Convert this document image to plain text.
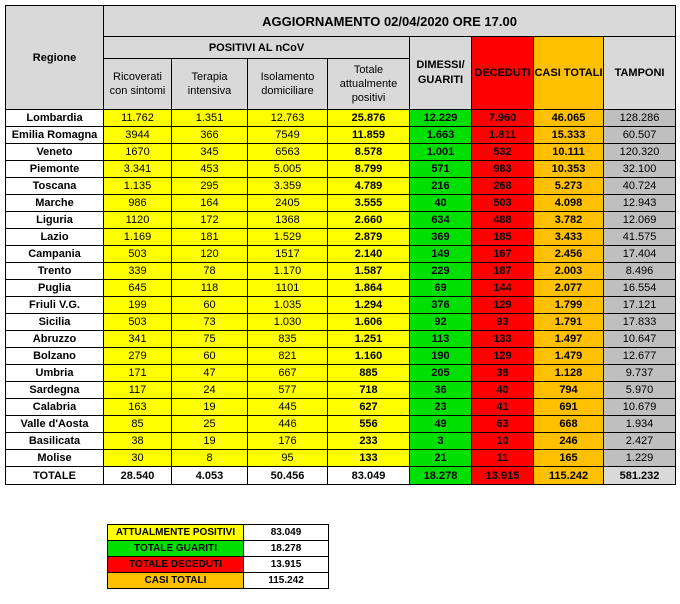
Regione	AGGIORNAMENTO 02/04/2020 ORE 17.00							
	POSITIVI AL nCoV				DIMESSI/ GUARITI	DECEDUTI	CASI TOTALI	TAMPONI
	Ricoverati con sintomi	Terapia intensiva	Isolamento domiciliare	Totale attualmente positivi				
Lombardia	11.762	1.351	12.763	25.876	12.229	7.960	46.065	128.286
Emilia Romagna	3944	366	7549	11.859	1.663	1.811	15.333	60.507
Veneto	1670	345	6563	8.578	1.001	532	10.111	120.320
Piemonte	3.341	453	5.005	8.799	571	983	10.353	32.100
Toscana	1.135	295	3.359	4.789	216	268	5.273	40.724
Marche	986	164	2405	3.555	40	503	4.098	12.943
Liguria	1120	172	1368	2.660	634	488	3.782	12.069
Lazio	1.169	181	1.529	2.879	369	185	3.433	41.575
Campania	503	120	1517	2.140	149	167	2.456	17.404
Trento	339	78	1.170	1.587	229	187	2.003	8.496
Puglia	645	118	1101	1.864	69	144	2.077	16.554
Friuli V.G.	199	60	1.035	1.294	376	129	1.799	17.121
Sicilia	503	73	1.030	1.606	92	93	1.791	17.833
Abruzzo	341	75	835	1.251	113	133	1.497	10.647
Bolzano	279	60	821	1.160	190	129	1.479	12.677
Umbria	171	47	667	885	205	38	1.128	9.737
Sardegna	117	24	577	718	36	40	794	5.970
Calabria	163	19	445	627	23	41	691	10.679
Valle d'Aosta	85	25	446	556	49	63	668	1.934
Basilicata	38	19	176	233	3	10	246	2.427
Molise	30	8	95	133	21	11	165	1.229
TOTALE	28.540	4.053	50.456	83.049	18.278	13.915	115.242	581.232
ATTUALMENTE POSITIVI	83.049
TOTALE GUARITI	18.278
TOTALE DECEDUTI	13.915
CASI TOTALI	115.242
